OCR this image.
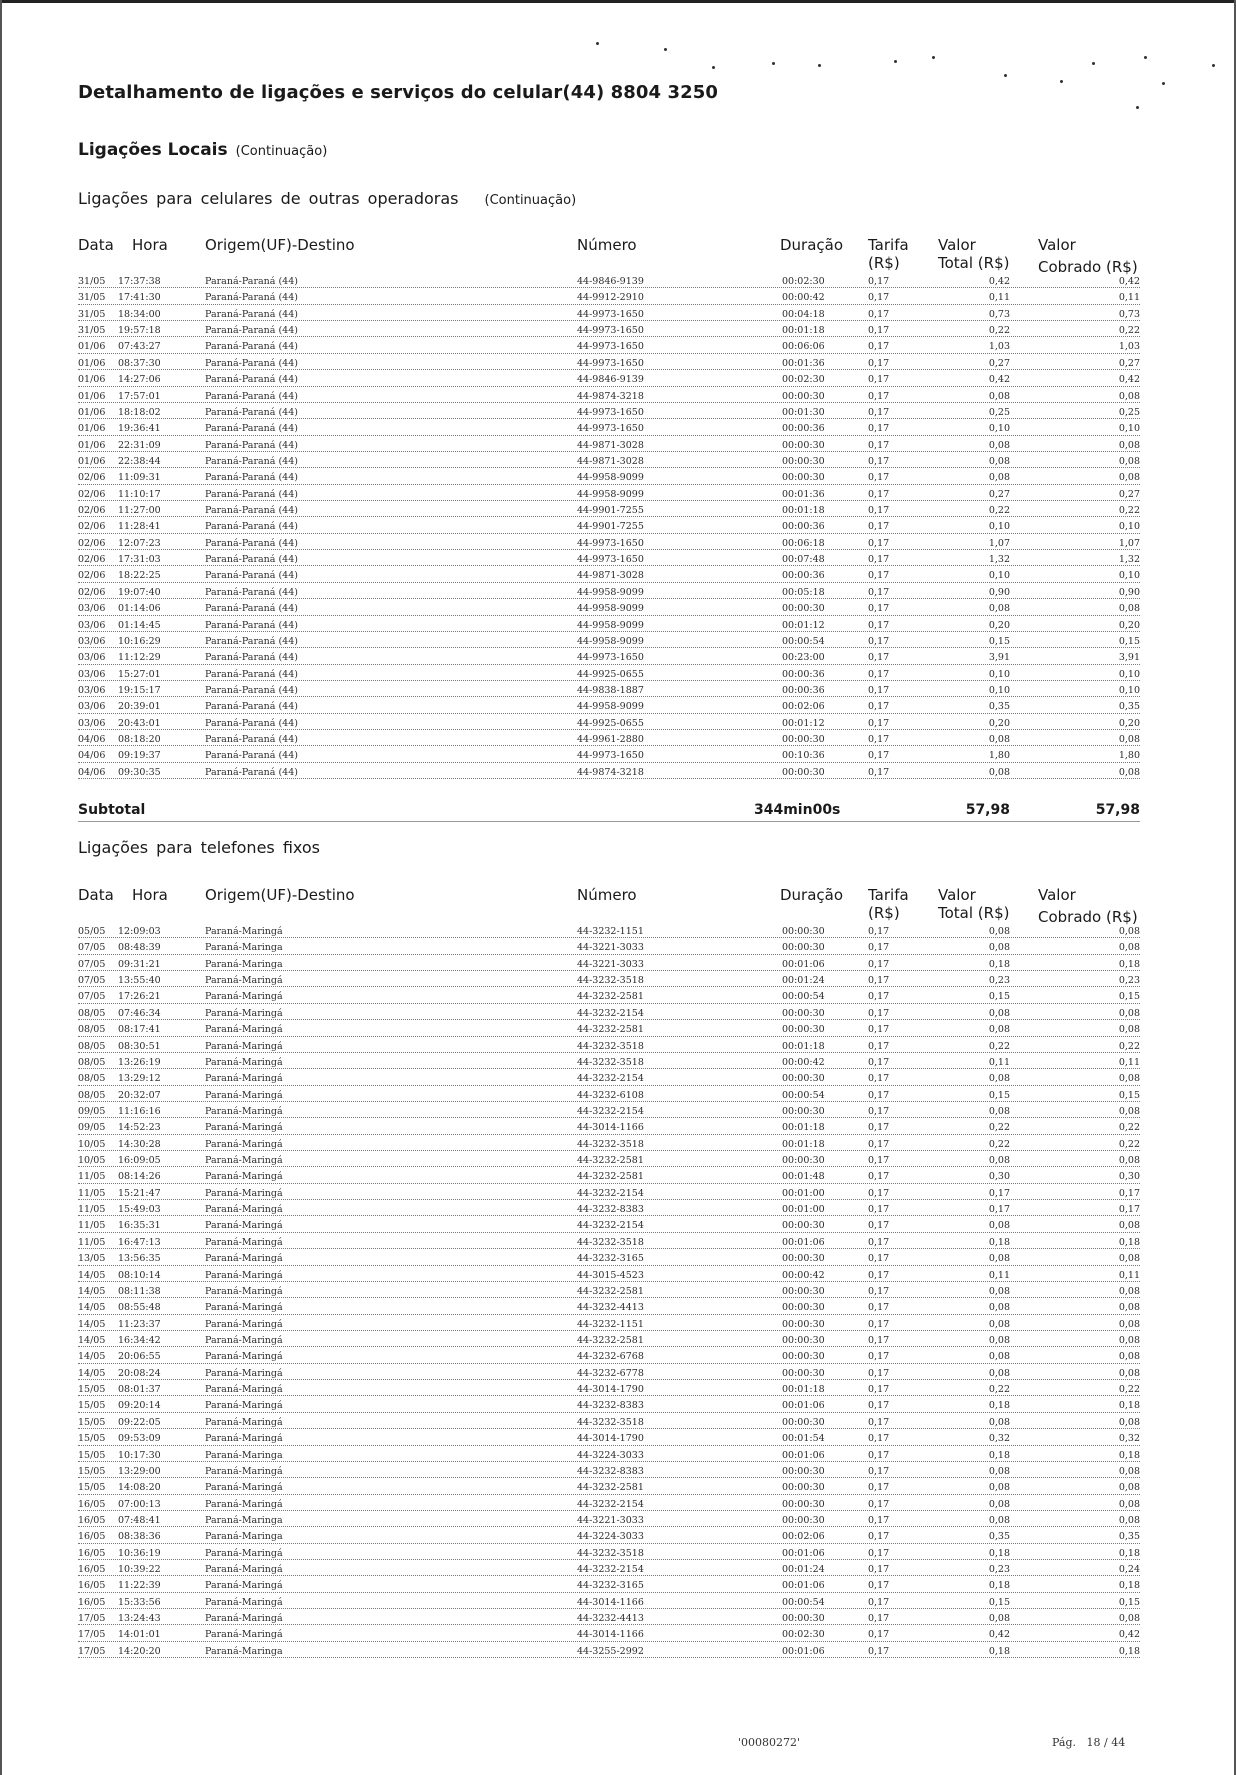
Detalhamento de ligações e serviços do celular(44) 8804 3250
Ligações Locais (Continuação)
Ligações para celulares de outras operadoras (Continuação)
Data Hora Origem(UF)-Destino	Número	Duração Tarifa
(R$)
Valor
Total (R$)
Valor
Cobrado (R$)
31/05	17:37:38	Paraná-Paraná (44)	44-9846-9139	00:02:30	0,17	0,42	0,42
31/05	17:41:30	Paraná-Paraná (44)	44-9912-2910	00:00:42	0,17	0,11	0,11
31/05	18:34:00	Paraná-Paraná (44)	44-9973-1650	00:04:18	0,17	0,73	0,73
31/05	19:57:18	Paraná-Paraná (44)	44-9973-1650	00:01:18	0,17	0,22	0,22
01/06	07:43:27	Paraná-Paraná (44)	44-9973-1650	00:06:06	0,17	1,03	1,03
01/06	08:37:30	Paraná-Paraná (44)	44-9973-1650	00:01:36	0,17	0,27	0,27
01/06	14:27:06	Paraná-Paraná (44)	44-9846-9139	00:02:30	0,17	0,42	0,42
01/06	17:57:01	Paraná-Paraná (44)	44-9874-3218	00:00:30	0,17	0,08	0,08
01/06	18:18:02	Paraná-Paraná (44)	44-9973-1650	00:01:30	0,17	0,25	0,25
01/06	19:36:41	Paraná-Paraná (44)	44-9973-1650	00:00:36	0,17	0,10	0,10
01/06	22:31:09	Paraná-Paraná (44)	44-9871-3028	00:00:30	0,17	0,08	0,08
01/06	22:38:44	Paraná-Paraná (44)	44-9871-3028	00:00:30	0,17	0,08	0,08
02/06	11:09:31	Paraná-Paraná (44)	44-9958-9099	00:00:30	0,17	0,08	0,08
02/06	11:10:17	Paraná-Paraná (44)	44-9958-9099	00:01:36	0,17	0,27	0,27
02/06	11:27:00	Paraná-Paraná (44)	44-9901-7255	00:01:18	0,17	0,22	0,22
02/06	11:28:41	Paraná-Paraná (44)	44-9901-7255	00:00:36	0,17	0,10	0,10
02/06	12:07:23	Paraná-Paraná (44)	44-9973-1650	00:06:18	0,17	1,07	1,07
02/06	17:31:03	Paraná-Paraná (44)	44-9973-1650	00:07:48	0,17	1,32	1,32
02/06	18:22:25	Paraná-Paraná (44)	44-9871-3028	00:00:36	0,17	0,10	0,10
02/06	19:07:40	Paraná-Paraná (44)	44-9958-9099	00:05:18	0,17	0,90	0,90
03/06	01:14:06	Paraná-Paraná (44)	44-9958-9099	00:00:30	0,17	0,08	0,08
03/06	01:14:45	Paraná-Paraná (44)	44-9958-9099	00:01:12	0,17	0,20	0,20
03/06	10:16:29	Paraná-Paraná (44)	44-9958-9099	00:00:54	0,17	0,15	0,15
03/06	11:12:29	Paraná-Paraná (44)	44-9973-1650	00:23:00	0,17	3,91	3,91
03/06	15:27:01	Paraná-Paraná (44)	44-9925-0655	00:00:36	0,17	0,10	0,10
03/06	19:15:17	Paraná-Paraná (44)	44-9838-1887	00:00:36	0,17	0,10	0,10
03/06	20:39:01	Paraná-Paraná (44)	44-9958-9099	00:02:06	0,17	0,35	0,35
03/06	20:43:01	Paraná-Paraná (44)	44-9925-0655	00:01:12	0,17	0,20	0,20
04/06	08:18:20	Paraná-Paraná (44)	44-9961-2880	00:00:30	0,17	0,08	0,08
04/06	09:19:37	Paraná-Paraná (44)	44-9973-1650	00:10:36	0,17	1,80	1,80
04/06	09:30:35	Paraná-Paraná (44)	44-9874-3218	00:00:30	0,17	0,08	0,08
Subtotal	344min00s	57,98	57,98
Ligações para telefones fixos
Data Hora Origem(UF)-Destino	Número	Duração Tarifa
(R$)
Valor
Total (R$)
Valor
Cobrado (R$)
05/05	12:09:03	Paraná-Maringá	44-3232-1151	00:00:30	0,17	0,08	0,08
07/05	08:48:39	Paraná-Maringa	44-3221-3033	00:00:30	0,17	0,08	0,08
07/05	09:31:21	Paraná-Maringa	44-3221-3033	00:01:06	0,17	0,18	0,18
07/05	13:55:40	Paraná-Maringá	44-3232-3518	00:01:24	0,17	0,23	0,23
07/05	17:26:21	Paraná-Maringá	44-3232-2581	00:00:54	0,17	0,15	0,15
08/05	07:46:34	Paraná-Maringá	44-3232-2154	00:00:30	0,17	0,08	0,08
08/05	08:17:41	Paraná-Maringá	44-3232-2581	00:00:30	0,17	0,08	0,08
08/05	08:30:51	Paraná-Maringá	44-3232-3518	00:01:18	0,17	0,22	0,22
08/05	13:26:19	Paraná-Maringá	44-3232-3518	00:00:42	0,17	0,11	0,11
08/05	13:29:12	Paraná-Maringá	44-3232-2154	00:00:30	0,17	0,08	0,08
08/05	20:32:07	Paraná-Maringá	44-3232-6108	00:00:54	0,17	0,15	0,15
09/05	11:16:16	Paraná-Maringá	44-3232-2154	00:00:30	0,17	0,08	0,08
09/05	14:52:23	Paraná-Maringá	44-3014-1166	00:01:18	0,17	0,22	0,22
10/05	14:30:28	Paraná-Maringá	44-3232-3518	00:01:18	0,17	0,22	0,22
10/05	16:09:05	Paraná-Maringá	44-3232-2581	00:00:30	0,17	0,08	0,08
11/05	08:14:26	Paraná-Maringá	44-3232-2581	00:01:48	0,17	0,30	0,30
11/05	15:21:47	Paraná-Maringá	44-3232-2154	00:01:00	0,17	0,17	0,17
11/05	15:49:03	Paraná-Maringá	44-3232-8383	00:01:00	0,17	0,17	0,17
11/05	16:35:31	Paraná-Maringá	44-3232-2154	00:00:30	0,17	0,08	0,08
11/05	16:47:13	Paraná-Maringá	44-3232-3518	00:01:06	0,17	0,18	0,18
13/05	13:56:35	Paraná-Maringá	44-3232-3165	00:00:30	0,17	0,08	0,08
14/05	08:10:14	Paraná-Maringá	44-3015-4523	00:00:42	0,17	0,11	0,11
14/05	08:11:38	Paraná-Maringá	44-3232-2581	00:00:30	0,17	0,08	0,08
14/05	08:55:48	Paraná-Maringá	44-3232-4413	00:00:30	0,17	0,08	0,08
14/05	11:23:37	Paraná-Maringá	44-3232-1151	00:00:30	0,17	0,08	0,08
14/05	16:34:42	Paraná-Maringá	44-3232-2581	00:00:30	0,17	0,08	0,08
14/05	20:06:55	Paraná-Maringá	44-3232-6768	00:00:30	0,17	0,08	0,08
14/05	20:08:24	Paraná-Maringá	44-3232-6778	00:00:30	0,17	0,08	0,08
15/05	08:01:37	Paraná-Maringá	44-3014-1790	00:01:18	0,17	0,22	0,22
15/05	09:20:14	Paraná-Maringá	44-3232-8383	00:01:06	0,17	0,18	0,18
15/05	09:22:05	Paraná-Maringá	44-3232-3518	00:00:30	0,17	0,08	0,08
15/05	09:53:09	Paraná-Maringá	44-3014-1790	00:01:54	0,17	0,32	0,32
15/05	10:17:30	Paraná-Maringa	44-3224-3033	00:01:06	0,17	0,18	0,18
15/05	13:29:00	Paraná-Maringá	44-3232-8383	00:00:30	0,17	0,08	0,08
15/05	14:08:20	Paraná-Maringá	44-3232-2581	00:00:30	0,17	0,08	0,08
16/05	07:00:13	Paraná-Maringá	44-3232-2154	00:00:30	0,17	0,08	0,08
16/05	07:48:41	Paraná-Maringa	44-3221-3033	00:00:30	0,17	0,08	0,08
16/05	08:38:36	Paraná-Maringa	44-3224-3033	00:02:06	0,17	0,35	0,35
16/05	10:36:19	Paraná-Maringá	44-3232-3518	00:01:06	0,17	0,18	0,18
16/05	10:39:22	Paraná-Maringá	44-3232-2154	00:01:24	0,17	0,23	0,24
16/05	11:22:39	Paraná-Maringá	44-3232-3165	00:01:06	0,17	0,18	0,18
16/05	15:33:56	Paraná-Maringá	44-3014-1166	00:00:54	0,17	0,15	0,15
17/05	13:24:43	Paraná-Maringá	44-3232-4413	00:00:30	0,17	0,08	0,08
17/05	14:01:01	Paraná-Maringá	44-3014-1166	00:02:30	0,17	0,42	0,42
17/05	14:20:20	Paraná-Maringa	44-3255-2992	00:01:06	0,17	0,18	0,18
'00080272'	Pág. 18 / 44
